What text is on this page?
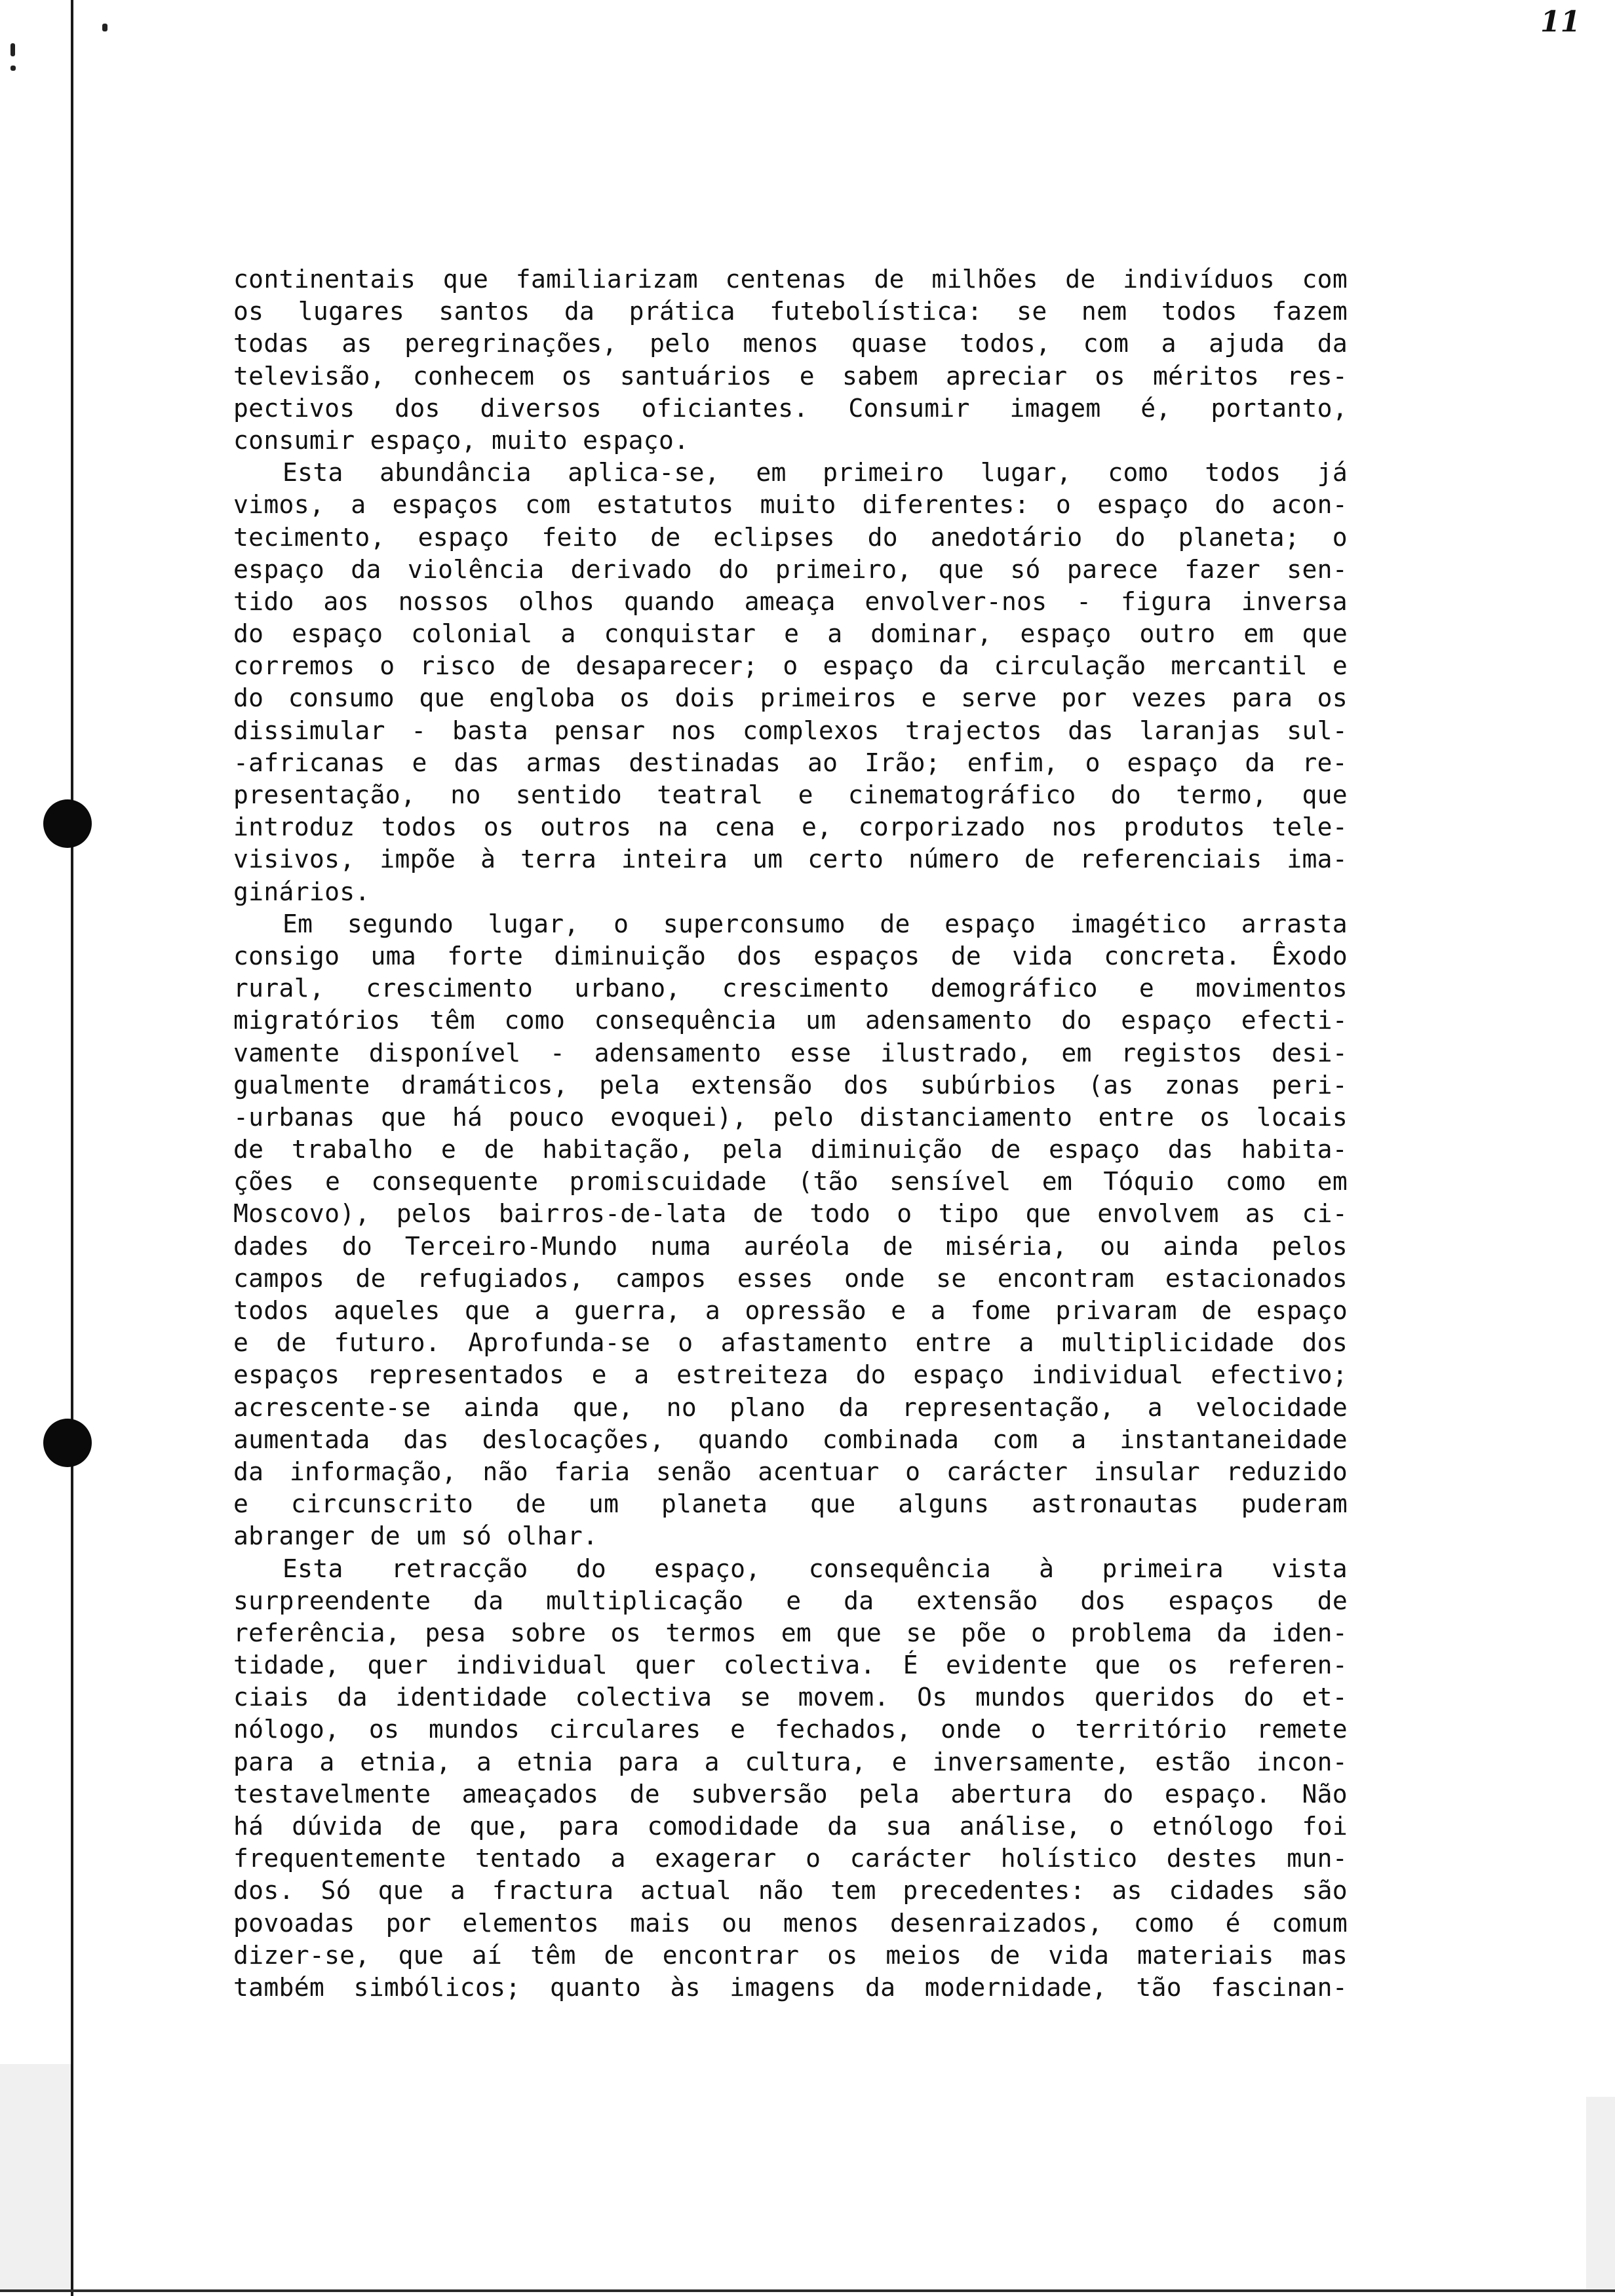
11
continentais que familiarizam centenas de milhões de indivíduos com
os lugares santos da prática futebolística: se nem todos fazem
todas as peregrinações, pelo menos quase todos, com a ajuda da
televisão, conhecem os santuários e sabem apreciar os méritos res-
pectivos dos diversos oficiantes. Consumir imagem é, portanto,
consumir espaço, muito espaço.
Esta abundância aplica-se, em primeiro lugar, como todos já
vimos, a espaços com estatutos muito diferentes: o espaço do acon-
tecimento, espaço feito de eclipses do anedotário do planeta; o
espaço da violência derivado do primeiro, que só parece fazer sen-
tido aos nossos olhos quando ameaça envolver-nos - figura inversa
do espaço colonial a conquistar e a dominar, espaço outro em que
corremos o risco de desaparecer; o espaço da circulação mercantil e
do consumo que engloba os dois primeiros e serve por vezes para os
dissimular - basta pensar nos complexos trajectos das laranjas sul-
-africanas e das armas destinadas ao Irão; enfim, o espaço da re-
presentação, no sentido teatral e cinematográfico do termo, que
introduz todos os outros na cena e, corporizado nos produtos tele-
visivos, impõe à terra inteira um certo número de referenciais ima-
ginários.
Em segundo lugar, o superconsumo de espaço imagético arrasta
consigo uma forte diminuição dos espaços de vida concreta. Êxodo
rural, crescimento urbano, crescimento demográfico e movimentos
migratórios têm como consequência um adensamento do espaço efecti-
vamente disponível - adensamento esse ilustrado, em registos desi-
gualmente dramáticos, pela extensão dos subúrbios (as zonas peri-
-urbanas que há pouco evoquei), pelo distanciamento entre os locais
de trabalho e de habitação, pela diminuição de espaço das habita-
ções e consequente promiscuidade (tão sensível em Tóquio como em
Moscovo), pelos bairros-de-lata de todo o tipo que envolvem as ci-
dades do Terceiro-Mundo numa auréola de miséria, ou ainda pelos
campos de refugiados, campos esses onde se encontram estacionados
todos aqueles que a guerra, a opressão e a fome privaram de espaço
e de futuro. Aprofunda-se o afastamento entre a multiplicidade dos
espaços representados e a estreiteza do espaço individual efectivo;
acrescente-se ainda que, no plano da representação, a velocidade
aumentada das deslocações, quando combinada com a instantaneidade
da informação, não faria senão acentuar o carácter insular reduzido
e circunscrito de um planeta que alguns astronautas puderam
abranger de um só olhar.
Esta retracção do espaço, consequência à primeira vista
surpreendente da multiplicação e da extensão dos espaços de
referência, pesa sobre os termos em que se põe o problema da iden-
tidade, quer individual quer colectiva. É evidente que os referen-
ciais da identidade colectiva se movem. Os mundos queridos do et-
nólogo, os mundos circulares e fechados, onde o território remete
para a etnia, a etnia para a cultura, e inversamente, estão incon-
testavelmente ameaçados de subversão pela abertura do espaço. Não
há dúvida de que, para comodidade da sua análise, o etnólogo foi
frequentemente tentado a exagerar o carácter holístico destes mun-
dos. Só que a fractura actual não tem precedentes: as cidades são
povoadas por elementos mais ou menos desenraizados, como é comum
dizer-se, que aí têm de encontrar os meios de vida materiais mas
também simbólicos; quanto às imagens da modernidade, tão fascinan-
